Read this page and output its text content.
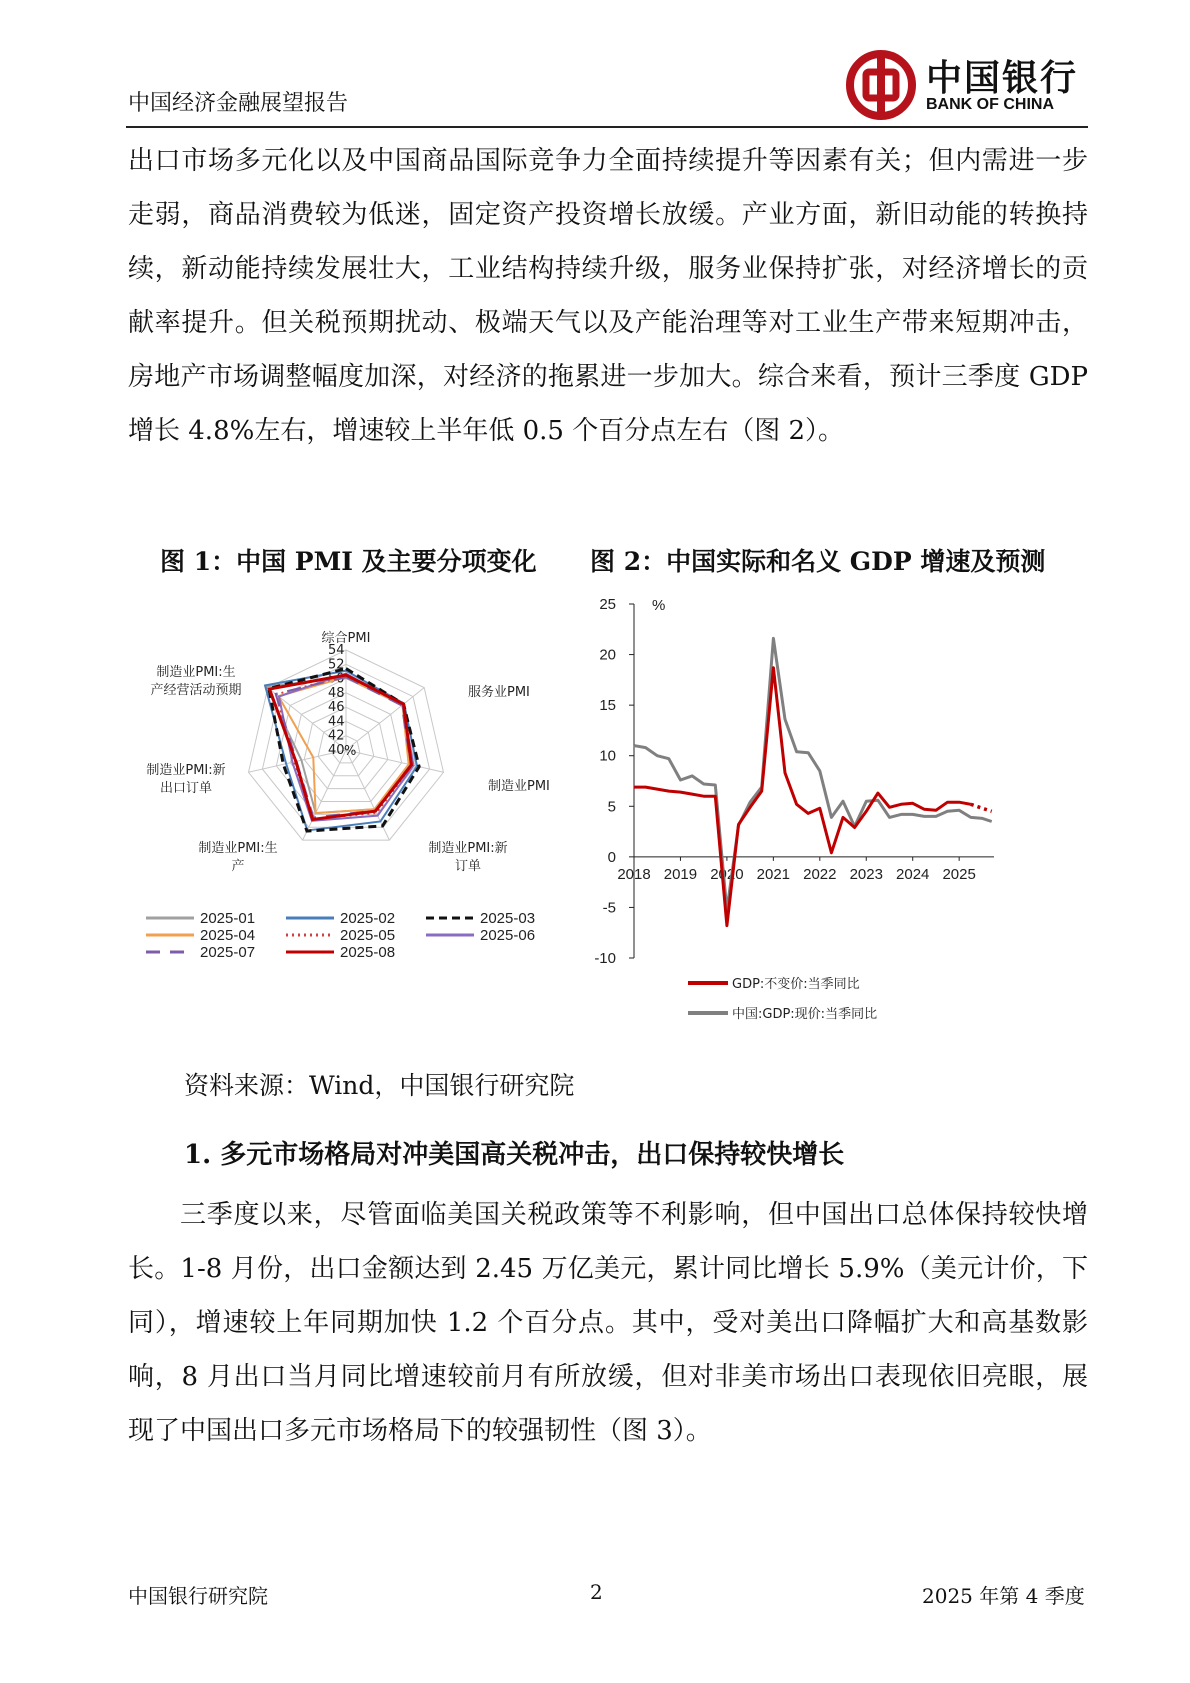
中国经济金融展望报告
中国银行
BANK OF CHINA

出口市场多元化以及中国商品国际竞争力全面持续提升等因素有关；但内需进一步走弱，商品消费较为低迷，固定资产投资增长放缓。产业方面，新旧动能的转换持续，新动能持续发展壮大，工业结构持续升级，服务业保持扩张，对经济增长的贡献率提升。但关税预期扰动、极端天气以及产能治理等对工业生产带来短期冲击，房地产市场调整幅度加深，对经济的拖累进一步加大。综合来看，预计三季度 GDP 增长 4.8%左右，增速较上半年低 0.5 个百分点左右（图 2）。

图 1：中国 PMI 及主要分项变化 图 2：中国实际和名义 GDP 增速及预测
40
42
44
46
48
50
52
54
%
综合PMI
服务业PMI
制造业PMI
制造业PMI:新订单
制造业PMI:生产
制造业PMI:新出口订单
制造业PMI:生产经营活动预期
2025-01	2025-02	2025-03
2025-04	2025-05	2025-06
2025-07	2025-08
25
20
15
10
5
0
-5
-10
%
2018 2019 2020 2021 2022 2023 2024 2025
GDP:不变价:当季同比
中国:GDP:现价:当季同比
资料来源：Wind，中国银行研究院
1. 多元市场格局对冲美国高关税冲击，出口保持较快增长

三季度以来，尽管面临美国关税政策等不利影响，但中国出口总体保持较快增长。1-8 月份，出口金额达到 2.45 万亿美元，累计同比增长 5.9%（美元计价，下同），增速较上年同期加快 1.2 个百分点。其中，受对美出口降幅扩大和高基数影响，8 月出口当月同比增速较前月有所放缓，但对非美市场出口表现依旧亮眼，展现了中国出口多元市场格局下的较强韧性（图 3）。

中国银行研究院	2	2025 年第 4 季度
